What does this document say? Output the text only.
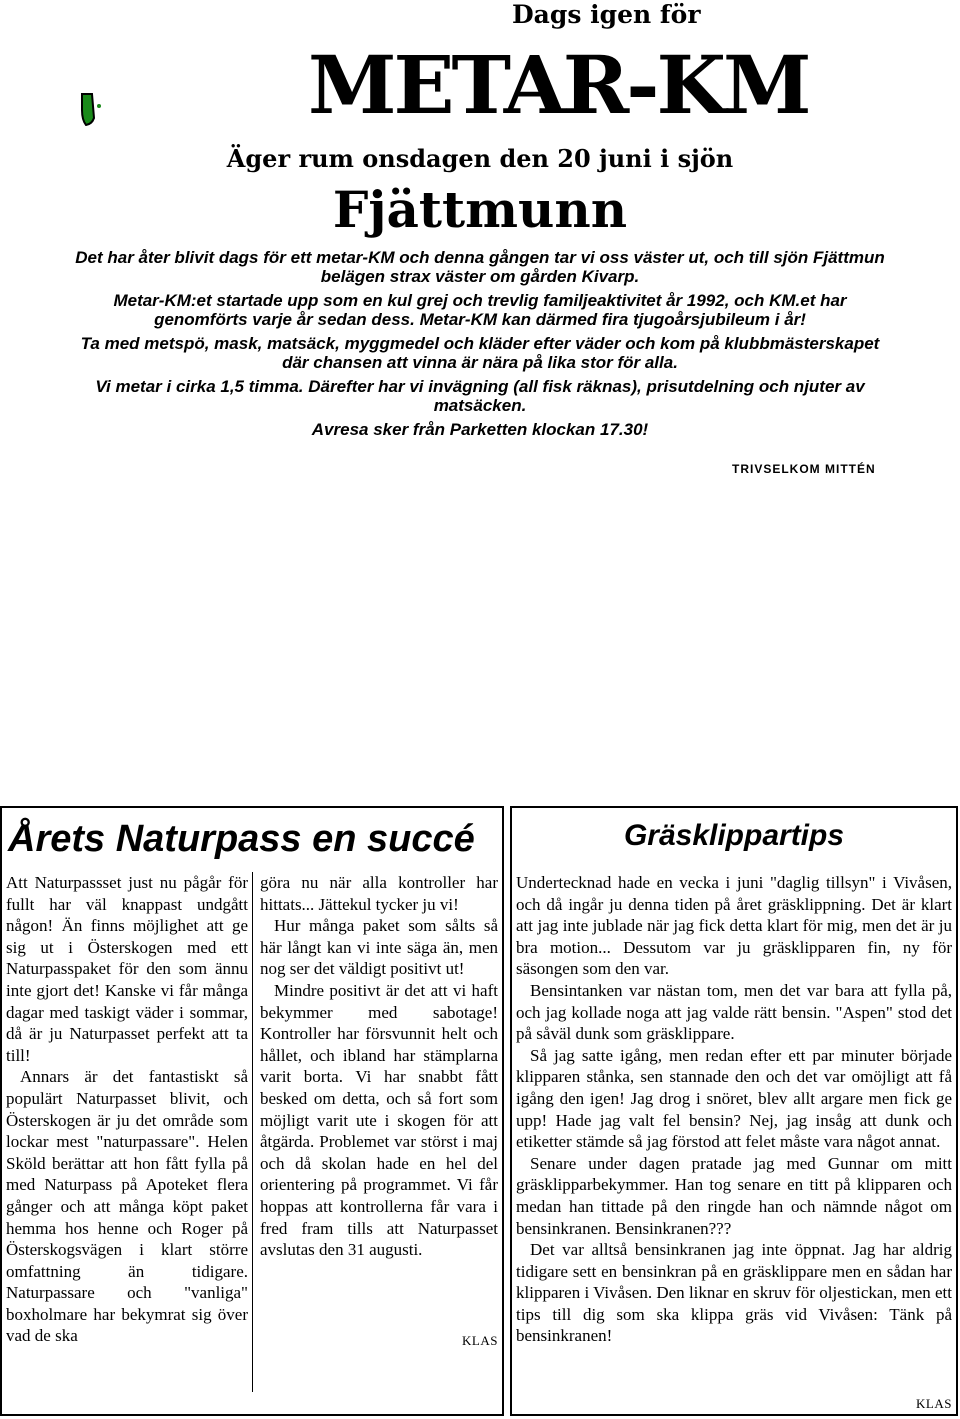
Dags igen för
METAR-KM
Äger rum onsdagen den 20 juni i sjön
Fjättmunn

Det har åter blivit dags för ett metar-KM och denna gången tar vi oss väster ut, och till sjön Fjättmun belägen strax väster om gården Kivarp.

Metar-KM:et startade upp som en kul grej och trevlig familjeaktivitet år 1992, och KM.et har genomförts varje år sedan dess. Metar-KM kan därmed fira tjugoårsjubileum i år!

Ta med metspö, mask, matsäck, myggmedel och kläder efter väder och kom på klubbmästerskapet där chansen att vinna är nära på lika stor för alla.

Vi metar i cirka 1,5 timma. Därefter har vi invägning (all fisk räknas), prisutdelning och njuter av matsäcken.

Avresa sker från Parketten klockan 17.30!

TRIVSELKOM MITTÉN
Årets Naturpass en succé

Att Naturpassset just nu pågår för fullt har väl knappast undgått någon! Än finns möjlighet att ge sig ut i Österskogen med ett Naturpasspaket för den som ännu inte gjort det! Kanske vi får många dagar med taskigt väder i sommar, då är ju Naturpasset perfekt att ta till!

Annars är det fantastiskt så populärt Naturpasset blivit, och Österskogen är ju det område som lockar mest "naturpassare". Helen Sköld berättar att hon fått fylla på med Naturpass på Apoteket flera gånger och att många köpt paket hemma hos henne och Roger på Österskogsvägen i klart större omfattning än tidigare. Naturpassare och "vanliga" boxholmare har bekymrat sig över vad de ska

göra nu när alla kontroller har hittats... Jättekul tycker ju vi!

Hur många paket som sålts så här långt kan vi inte säga än, men nog ser det väldigt positivt ut!

Mindre positivt är det att vi haft bekymmer med sabotage! Kontroller har försvunnit helt och hållet, och ibland har stämplarna varit borta. Vi har snabbt fått besked om detta, och så fort som möjligt varit ute i skogen för att åtgärda. Problemet var störst i maj och då skolan hade en hel del orientering på programmet. Vi får hoppas att kontrollerna får vara i fred fram tills att Naturpasset avslutas den 31 augusti.

KLAS
Gräsklippartips

Undertecknad hade en vecka i juni "daglig tillsyn" i Vivåsen, och då ingår ju denna tiden på året gräsklippning. Det är klart att jag inte jublade när jag fick detta klart för mig, men det är ju bra motion... Dessutom var ju gräsklipparen fin, ny för säsongen som den var.

Bensintanken var nästan tom, men det var bara att fylla på, och jag kollade noga att jag valde rätt bensin. "Aspen" stod det på såväl dunk som gräsklippare.

Så jag satte igång, men redan efter ett par minuter började klipparen stånka, sen stannade den och det var omöjligt att få igång den igen! Jag drog i snöret, blev allt argare men fick ge upp! Hade jag valt fel bensin? Nej, jag insåg att dunk och etiketter stämde så jag förstod att felet måste vara något annat.

Senare under dagen pratade jag med Gunnar om mitt gräsklipparbekymmer. Han tog senare en titt på klipparen och medan han tittade på den ringde han och nämnde något om bensinkranen. Bensinkranen???

Det var alltså bensinkranen jag inte öppnat. Jag har aldrig tidigare sett en bensinkran på en gräsklippare men en sådan har klipparen i Vivåsen. Den liknar en skruv för oljestickan, men ett tips till dig som ska klippa gräs vid Vivåsen: Tänk på bensinkranen!

KLAS
